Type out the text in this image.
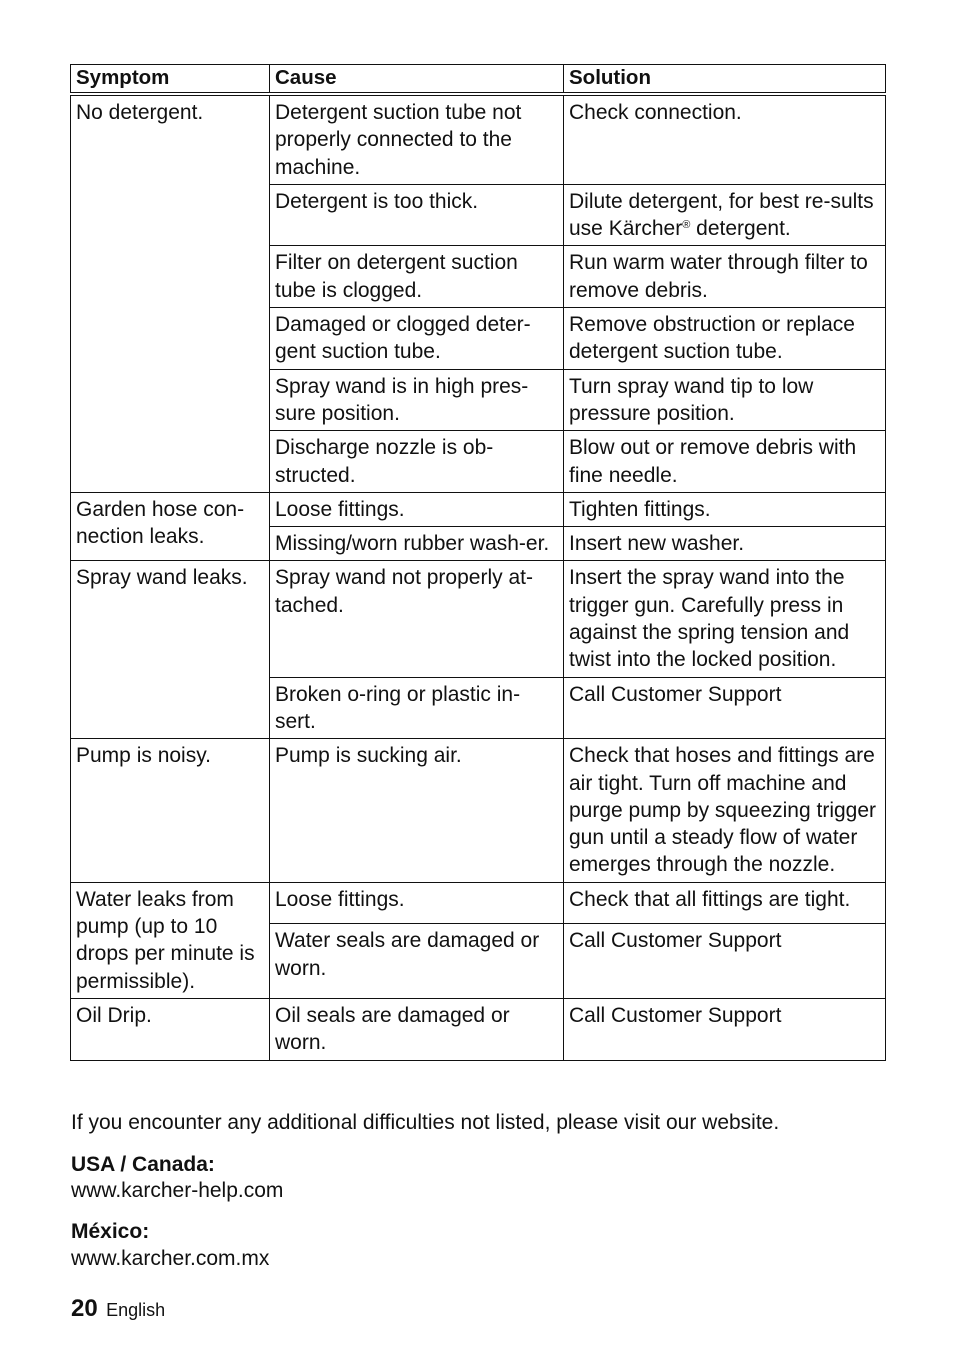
Symptom	Cause	Solution
No detergent.	Detergent suction tube not properly connected to the machine.	Check connection.
	Detergent is too thick.	Dilute detergent, for best re-sults use Kärcher® detergent.
	Filter on detergent suction tube is clogged.	Run warm water through filter to remove debris.
	Damaged or clogged deter-gent suction tube.	Remove obstruction or replace detergent suction tube.
	Spray wand is in high pres-sure position.	Turn spray wand tip to low pressure position.
	Discharge nozzle is ob-structed.	Blow out or remove debris with fine needle.
Garden hose con-nection leaks.	Loose fittings.	Tighten fittings.
	Missing/worn rubber wash-er.	Insert new washer.
Spray wand leaks.	Spray wand not properly at-tached.	Insert the spray wand into the trigger gun. Carefully press in against the spring tension and twist into the locked position.
	Broken o-ring or plastic in-sert.	Call Customer Support
Pump is noisy.	Pump is sucking air.	Check that hoses and fittings are air tight. Turn off machine and purge pump by squeezing trigger gun until a steady flow of water emerges through the nozzle.
Water leaks from pump (up to 10 drops per minute is permissible).	Loose fittings.	Check that all fittings are tight.
	Water seals are damaged or worn.	Call Customer Support
Oil Drip.	Oil seals are damaged or worn.	Call Customer Support
If you encounter any additional difficulties not listed, please visit our website.
USA / Canada:
www.karcher-help.com
México:
www.karcher.com.mx
20 English
